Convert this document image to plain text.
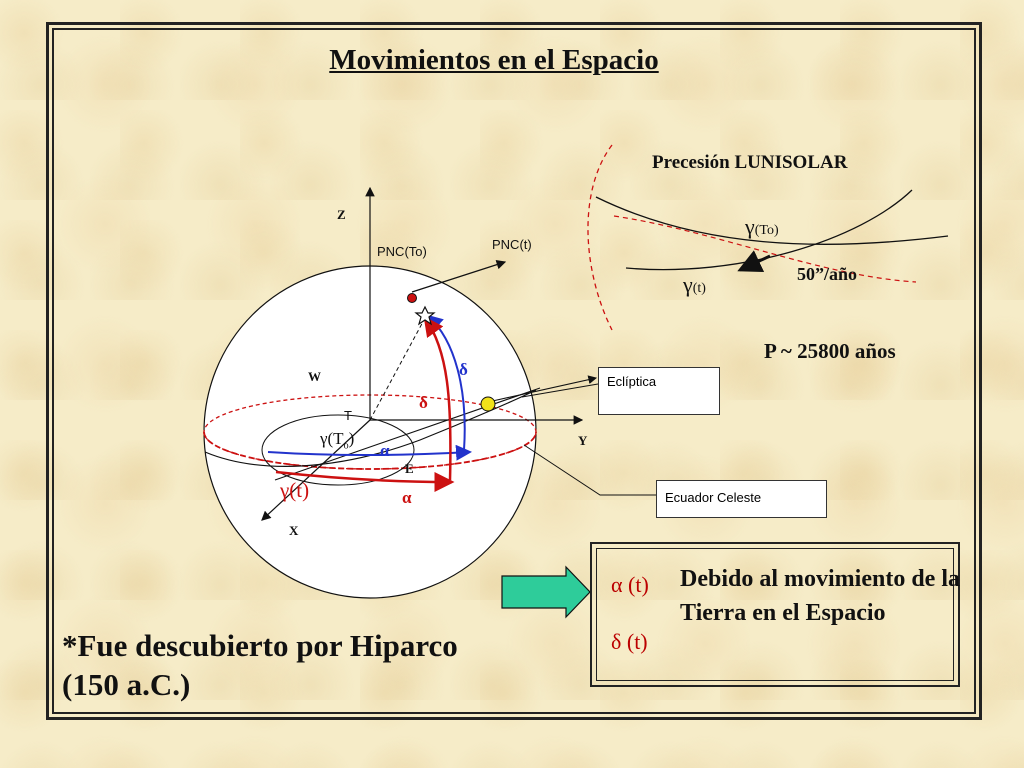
Movimientos en el Espacio
Z
Y
X
W
T
E
PNC(To)	PNC(t)
$\gamma(T_o)$
γ(t)
α
α
δ
δ
Eclíptica
Ecuador Celeste
Precesión LUNISOLAR
γ(To)
γ(t)
50”/año
P ~ 25800 años
*Fue descubierto por Hiparco
(150 a.C.)
α (t)
δ (t)
Debido al movimiento de la Tierra en el Espacio
